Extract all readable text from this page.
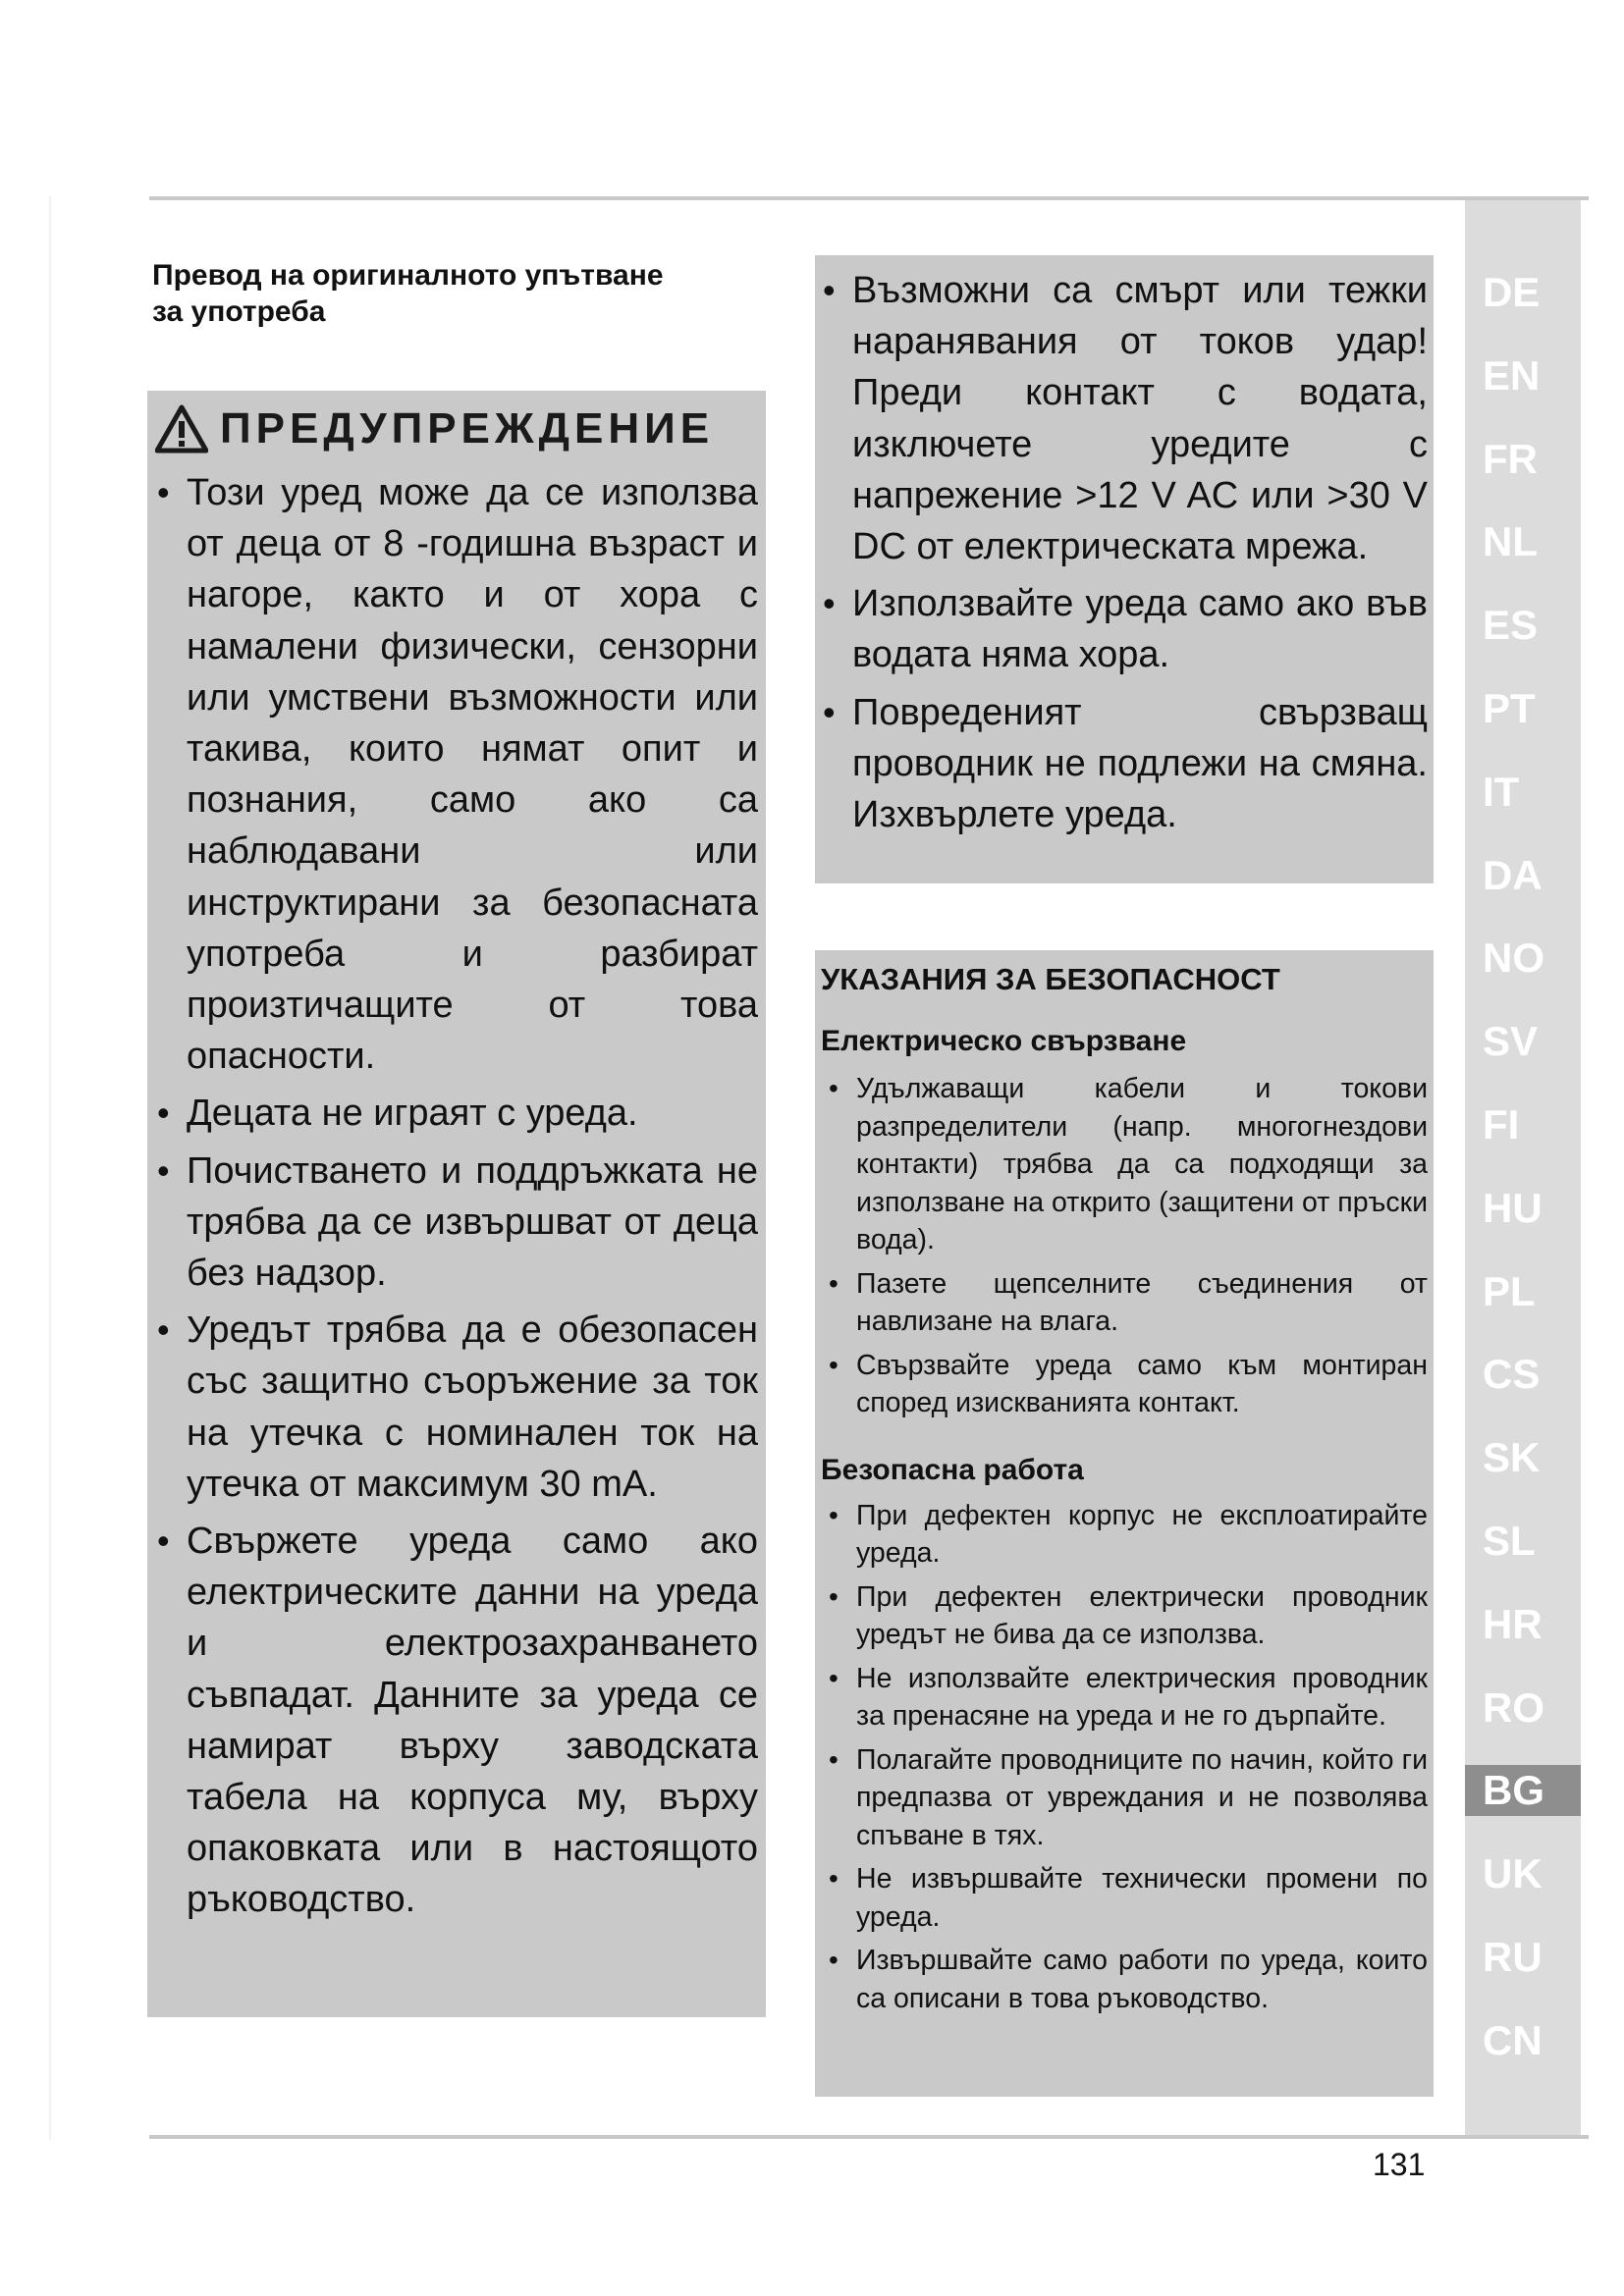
Превод на оригиналното упътване
за употреба
ПРЕДУПРЕЖДЕНИЕ
• Този уред може да се използва от деца от 8 -годишна възраст и нагоре, както и от хора с намалени физически, сензорни или умствени възможности или такива, които нямат опит и познания, само ако са наблюдавани или инструктирани за безопасната употреба и разбират произтичащите от това опасности.
• Децата не играят с уреда.
• Почистването и поддръжката не трябва да се извършват от деца без надзор.
• Уредът трябва да е обезопасен със защитно съоръжение за ток на утечка с номинален ток на утечка от максимум 30 mA.
• Свържете уреда само ако електрическите данни на уреда и електрозахранването съвпадат. Данните за уреда се намират върху заводската табела на корпуса му, върху опаковката или в настоящото ръководство.
• Възможни са смърт или тежки наранявания от токов удар! Преди контакт с водата, изключете уредите с напрежение >12 V AC или >30 V DC от електрическата мрежа.
• Използвайте уреда само ако във водата няма хора.
• Повреденият свързващ проводник не подлежи на смяна. Изхвърлете уреда.
УКАЗАНИЯ ЗА БЕЗОПАСНОСТ
Електрическо свързване
• Удължаващи кабели и токови разпределители (напр. многогнездови контакти) трябва да са подходящи за използване на открито (защитени от пръски вода).
• Пазете щепселните съединения от навлизане на влага.
• Свързвайте уреда само към монтиран според изискванията контакт.
Безопасна работа
• При дефектен корпус не експлоатирайте уреда.
• При дефектен електрически проводник уредът не бива да се използва.
• Не използвайте електрическия проводник за пренасяне на уреда и не го дърпайте.
• Полагайте проводниците по начин, който ги предпазва от увреждания и не позволява спъване в тях.
• Не извършвайте технически промени по уреда.
• Извършвайте само работи по уреда, които са описани в това ръководство.
DE
EN
FR
NL
ES
PT
IT
DA
NO
SV
FI
HU
PL
CS
SK
SL
HR
RO
BG
UK
RU
CN
131
